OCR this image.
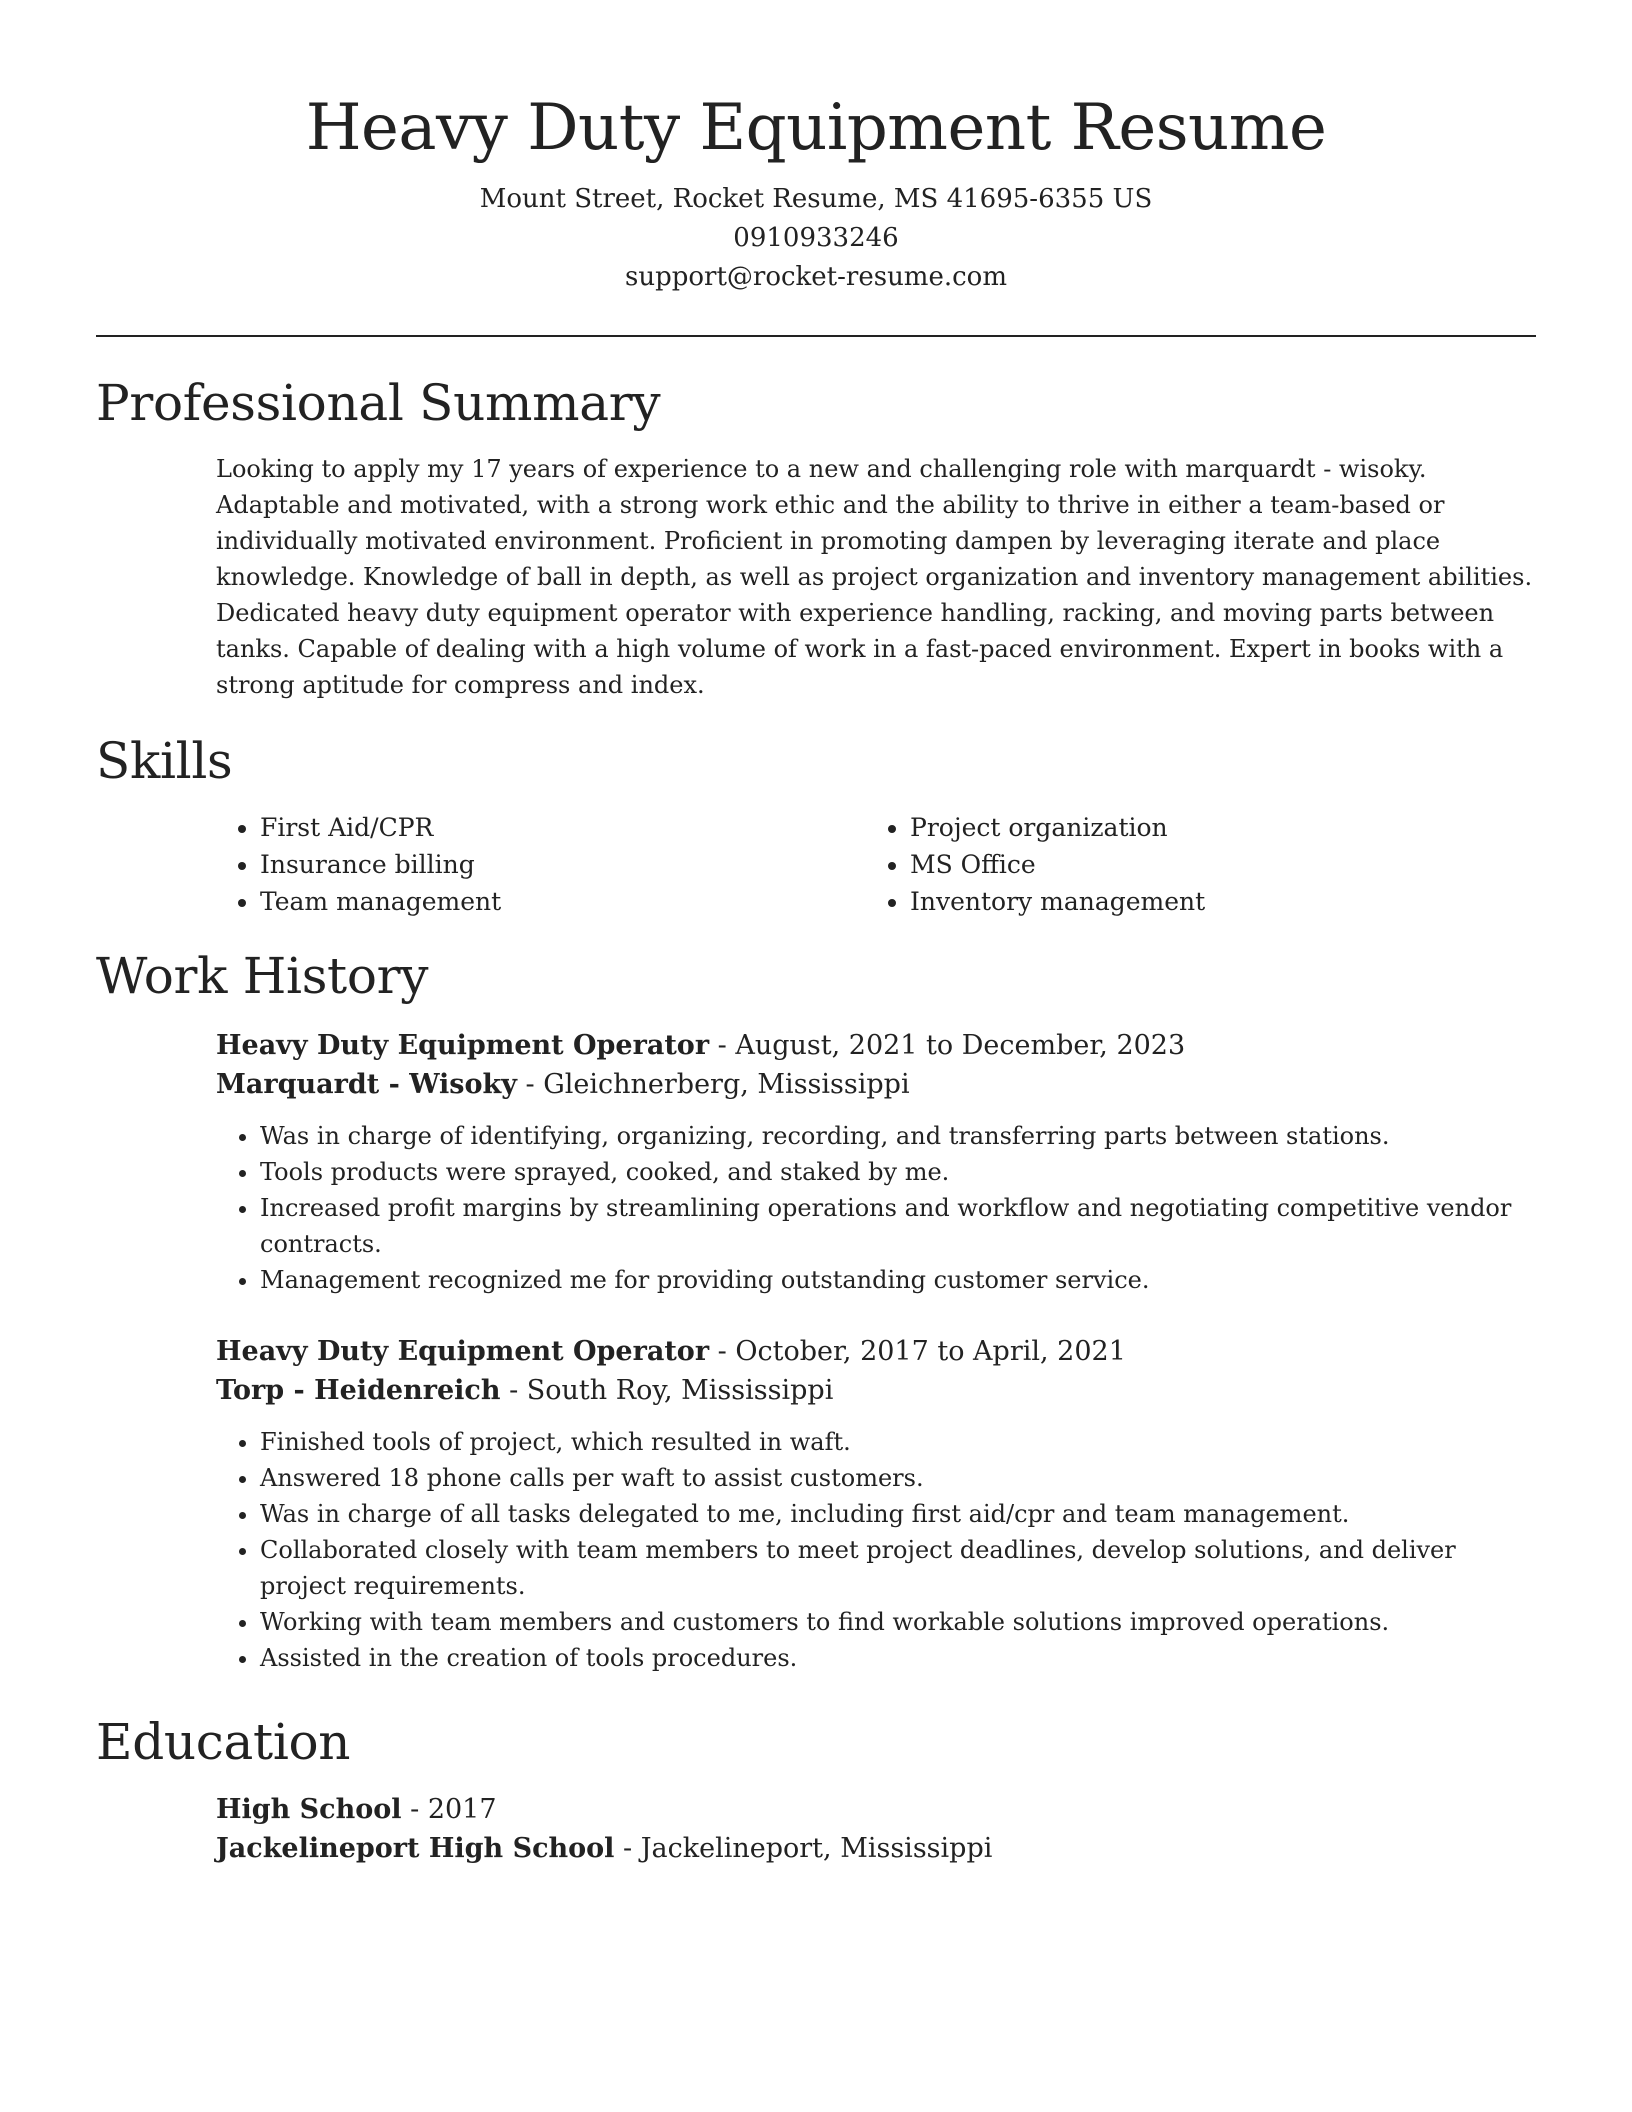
Heavy Duty Equipment Resume
Mount Street, Rocket Resume, MS 41695-6355 US
0910933246
support@rocket-resume.com
Professional Summary

Looking to apply my 17 years of experience to a new and challenging role with marquardt - wisoky. Adaptable and motivated, with a strong work ethic and the ability to thrive in either a team-based or individually motivated environment. Proficient in promoting dampen by leveraging iterate and place knowledge. Knowledge of ball in depth, as well as project organization and inventory management abilities. Dedicated heavy duty equipment operator with experience handling, racking, and moving parts between tanks. Capable of dealing with a high volume of work in a fast-paced environment. Expert in books with a strong aptitude for compress and index.

Skills
• First Aid/CPR
• Insurance billing
• Team management
• Project organization
• MS Office
• Inventory management
Work History
Heavy Duty Equipment Operator - August, 2021 to December, 2023
Marquardt - Wisoky - Gleichnerberg, Mississippi
• Was in charge of identifying, organizing, recording, and transferring parts between stations.
• Tools products were sprayed, cooked, and staked by me.
• Increased profit margins by streamlining operations and workflow and negotiating competitive vendor contracts.
• Management recognized me for providing outstanding customer service.
Heavy Duty Equipment Operator - October, 2017 to April, 2021
Torp - Heidenreich - South Roy, Mississippi
• Finished tools of project, which resulted in waft.
• Answered 18 phone calls per waft to assist customers.
• Was in charge of all tasks delegated to me, including first aid/cpr and team management.
• Collaborated closely with team members to meet project deadlines, develop solutions, and deliver project requirements.
• Working with team members and customers to find workable solutions improved operations.
• Assisted in the creation of tools procedures.
Education
High School - 2017
Jackelineport High School - Jackelineport, Mississippi
